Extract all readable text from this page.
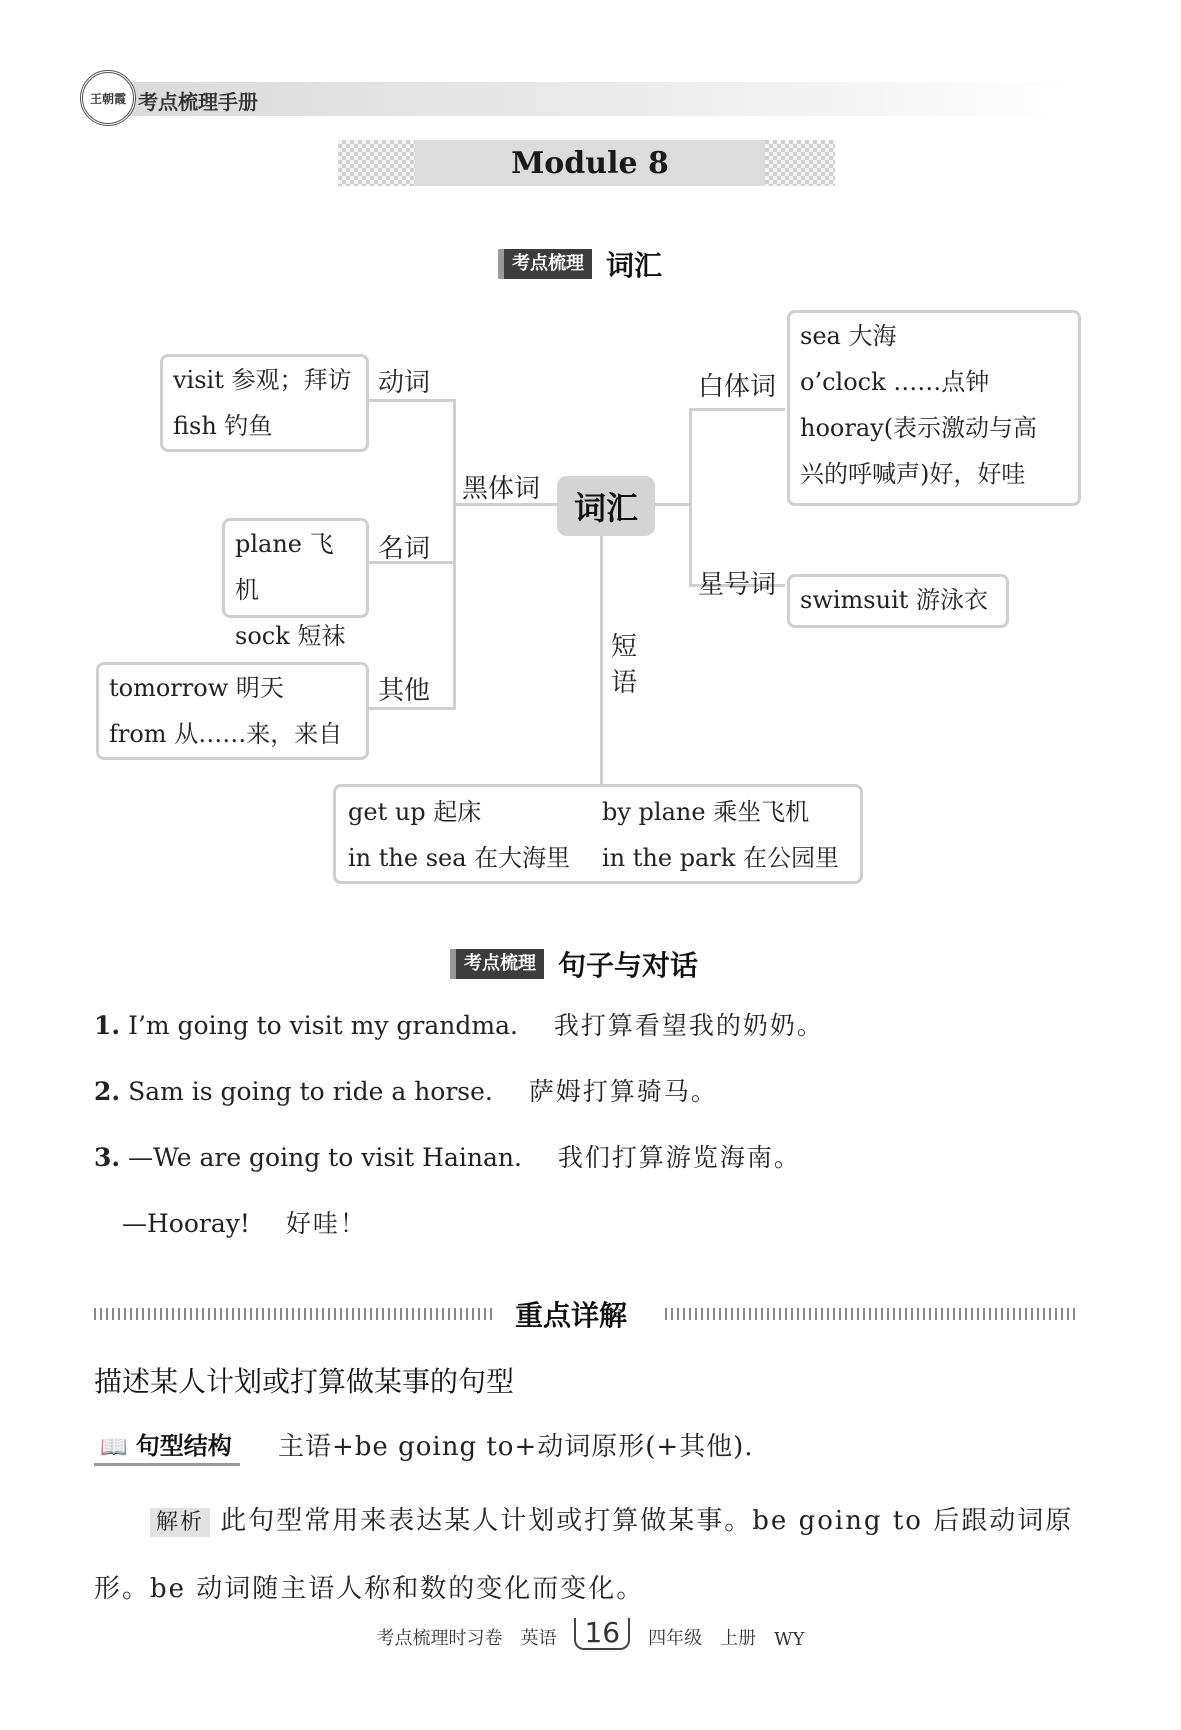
王朝霞 考点梳理手册
Module 8
考点梳理 词汇
词汇
黑体词
visit 参观；拜访
fish 钓鱼
动词
plane 飞机
sock 短袜
名词
tomorrow 明天
from 从……来，来自
其他
白体词
sea 大海
o’clock ……点钟
hooray(表示激动与高
兴的呼喊声)好，好哇
星号词 swimsuit 游泳衣
短
语
get up 起床	by plane 乘坐飞机
in the sea 在大海里	in the park 在公园里
考点梳理 句子与对话
1. I’m going to visit my grandma. 我打算看望我的奶奶。
2. Sam is going to ride a horse. 萨姆打算骑马。
3. —We are going to visit Hainan. 我们打算游览海南。
—Hooray! 好哇！
重点详解
描述某人计划或打算做某事的句型
📖 句型结构	主语+be going to+动词原形(+其他).
解析 此句型常用来表达某人计划或打算做某事。be going to 后跟动词原形。be 动词随主语人称和数的变化而变化。
考点梳理时习卷 英语	16	四年级 上册 WY
